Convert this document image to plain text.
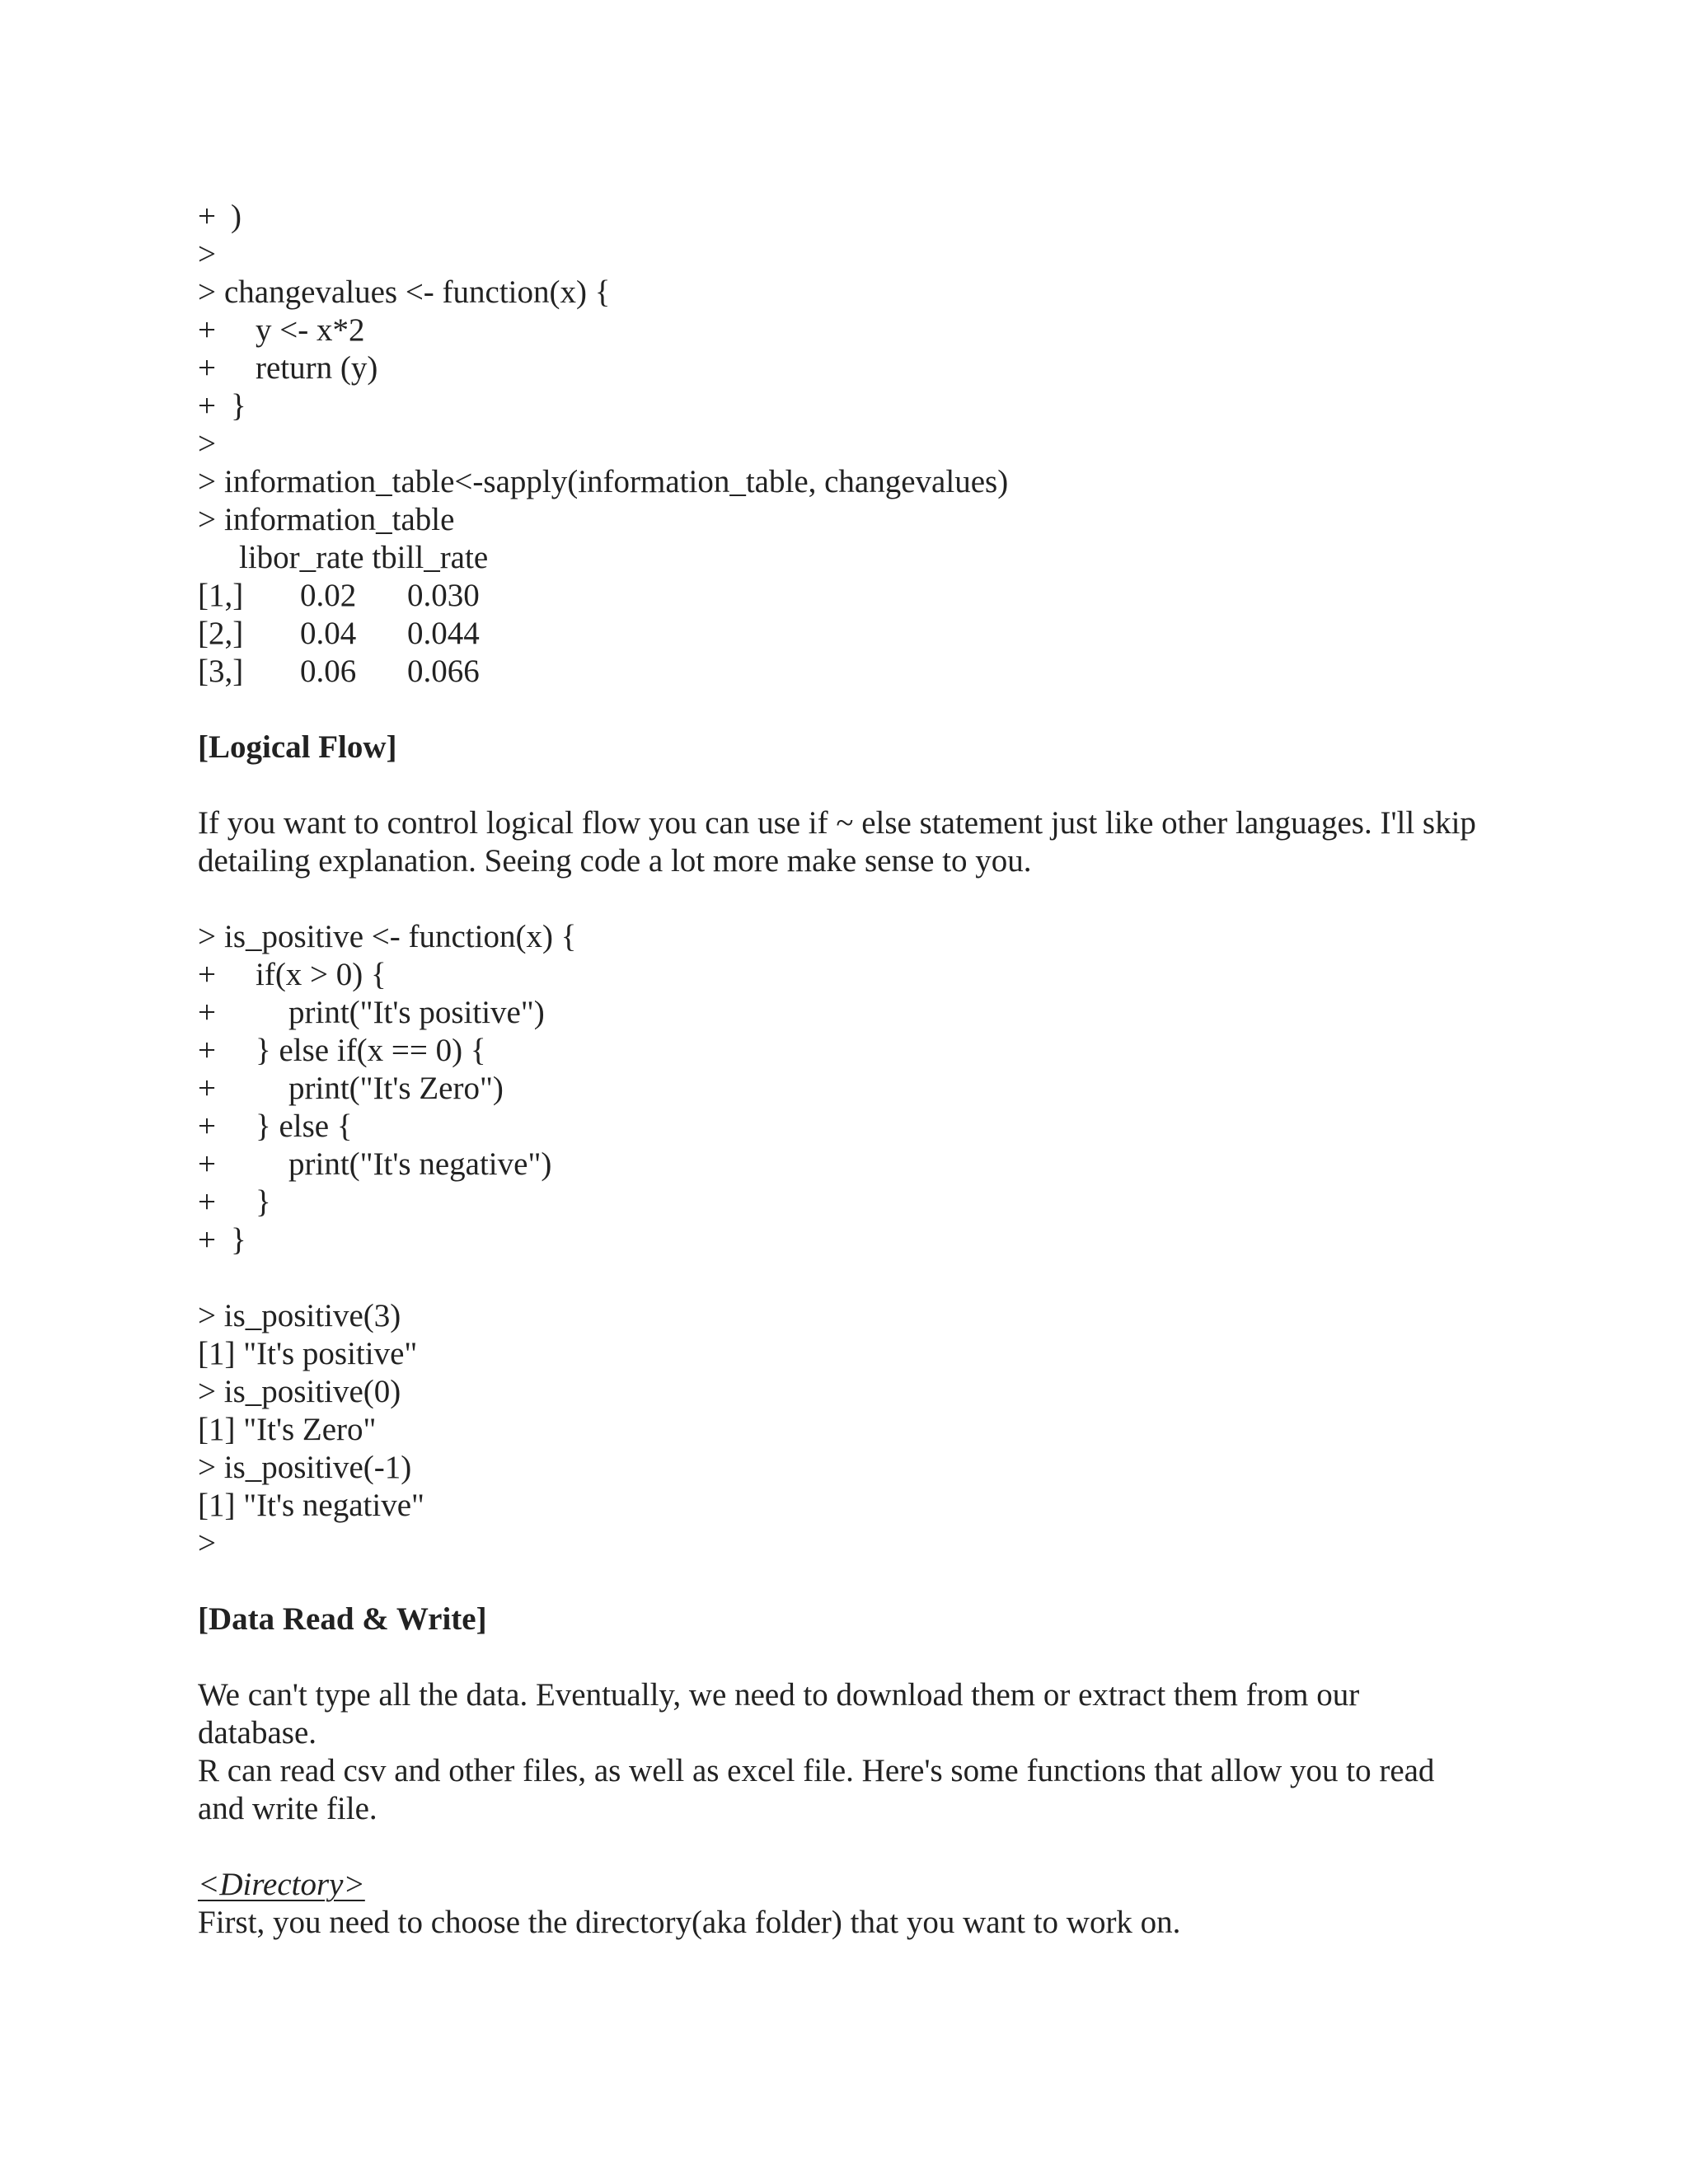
+ )
>
> changevalues <- function(x) {
+	y <- x*2
+	return (y)
+ }
>
> information_table<-sapply(information_table, changevalues)
> information_table
libor_rate tbill_rate
[1,]	0.02	0.030
[2,]	0.04	0.044
[3,]	0.06	0.066
[Logical Flow]
If you want to control logical flow you can use if ~ else statement just like other languages. I'll skip detailing explanation. Seeing code a lot more make sense to you.
> is_positive <- function(x) {
+	if(x > 0) {
+	print("It's positive")
+	} else if(x == 0) {
+	print("It's Zero")
+	} else {
+	print("It's negative")
+	}
+ }
> is_positive(3)
[1] "It's positive"
> is_positive(0)
[1] "It's Zero"
> is_positive(-1)
[1] "It's negative"
>
[Data Read & Write]
We can't type all the data. Eventually, we need to download them or extract them from our database.
R can read csv and other files, as well as excel file. Here's some functions that allow you to read and write file.
<Directory>
First, you need to choose the directory(aka folder) that you want to work on.
